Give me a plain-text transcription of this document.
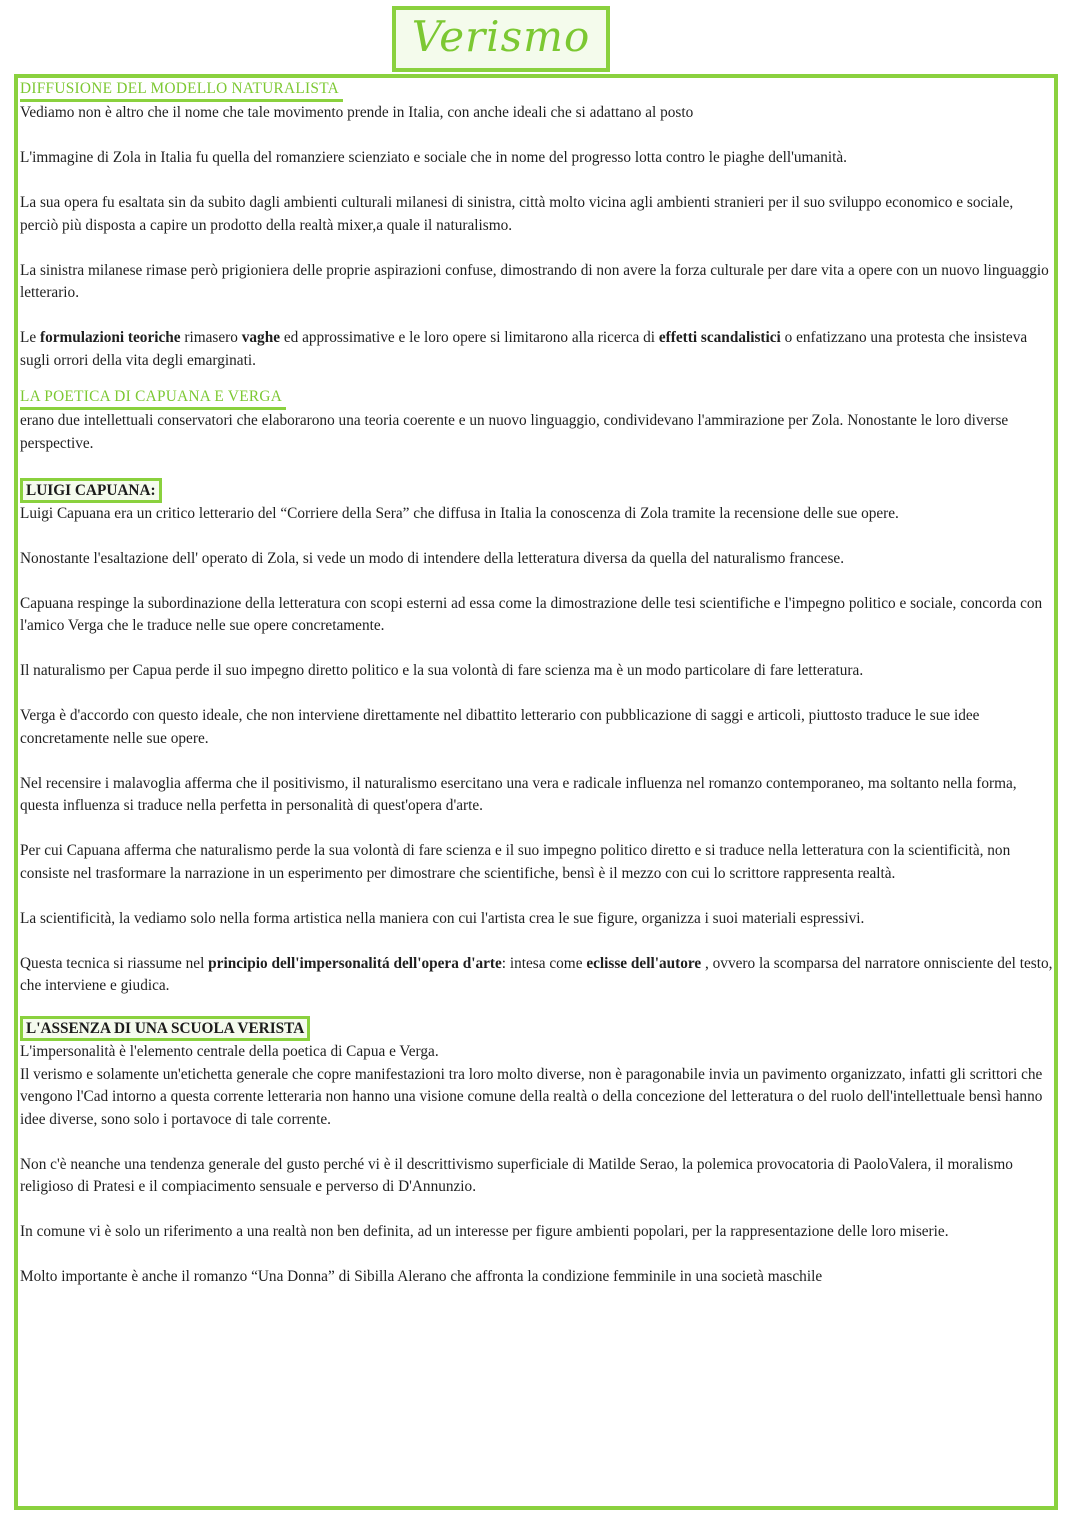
Verismo
DIFFUSIONE DEL MODELLO NATURALISTA

Vediamo non è altro che il nome che tale movimento prende in Italia, con anche ideali che si adattano al posto

L'immagine di Zola in Italia fu quella del romanziere scienziato e sociale che in nome del progresso lotta contro le piaghe dell'umanità.

La sua opera fu esaltata sin da subito dagli ambienti culturali milanesi di sinistra, città molto vicina agli ambienti stranieri per il suo sviluppo economico e sociale, perciò più disposta a capire un prodotto della realtà mixer,a quale il naturalismo.

La sinistra milanese rimase però prigioniera delle proprie aspirazioni confuse, dimostrando di non avere la forza culturale per dare vita a opere con un nuovo linguaggio letterario.

Le formulazioni teoriche rimasero vaghe ed approssimative e le loro opere si limitarono alla ricerca di effetti scandalistici o enfatizzano una protesta che insisteva sugli orrori della vita degli emarginati.

LA POETICA DI CAPUANA E VERGA

erano due intellettuali conservatori che elaborarono una teoria coerente e un nuovo linguaggio, condividevano l'ammirazione per Zola. Nonostante le loro diverse perspective.

LUIGI CAPUANA:

Luigi Capuana era un critico letterario del “Corriere della Sera” che diffusa in Italia la conoscenza di Zola tramite la recensione delle sue opere.

Nonostante l'esaltazione dell' operato di Zola, si vede un modo di intendere della letteratura diversa da quella del naturalismo francese.

Capuana respinge la subordinazione della letteratura con scopi esterni ad essa come la dimostrazione delle tesi scientifiche e l'impegno politico e sociale, concorda con l'amico Verga che le traduce nelle sue opere concretamente.

Il naturalismo per Capua perde il suo impegno diretto politico e la sua volontà di fare scienza ma è un modo particolare di fare letteratura.

Verga è d'accordo con questo ideale, che non interviene direttamente nel dibattito letterario con pubblicazione di saggi e articoli, piuttosto traduce le sue idee concretamente nelle sue opere.

Nel recensire i malavoglia afferma che il positivismo, il naturalismo esercitano una vera e radicale influenza nel romanzo contemporaneo, ma soltanto nella forma, questa influenza si traduce nella perfetta in personalità di quest'opera d'arte.

Per cui Capuana afferma che naturalismo perde la sua volontà di fare scienza e il suo impegno politico diretto e si traduce nella letteratura con la scientificità, non consiste nel trasformare la narrazione in un esperimento per dimostrare che scientifiche, bensì è il mezzo con cui lo scrittore rappresenta realtà.

La scientificità, la vediamo solo nella forma artistica nella maniera con cui l'artista crea le sue figure, organizza i suoi materiali espressivi.

Questa tecnica si riassume nel principio dell'impersonalitá dell'opera d'arte: intesa come eclisse dell'autore , ovvero la scomparsa del narratore onnisciente del testo, che interviene e giudica.

L'ASSENZA DI UNA SCUOLA VERISTA

L'impersonalità è l'elemento centrale della poetica di Capua e Verga.

Il verismo e solamente un'etichetta generale che copre manifestazioni tra loro molto diverse, non è paragonabile invia un pavimento organizzato, infatti gli scrittori che vengono l'Cad intorno a questa corrente letteraria non hanno una visione comune della realtà o della concezione del letteratura o del ruolo dell'intellettuale bensì hanno idee diverse, sono solo i portavoce di tale corrente.

Non c'è neanche una tendenza generale del gusto perché vi è il descrittivismo superficiale di Matilde Serao, la polemica provocatoria di PaoloValera, il moralismo religioso di Pratesi e il compiacimento sensuale e perverso di D'Annunzio.

In comune vi è solo un riferimento a una realtà non ben definita, ad un interesse per figure ambienti popolari, per la rappresentazione delle loro miserie.

Molto importante è anche il romanzo “Una Donna” di Sibilla Alerano che affronta la condizione femminile in una società maschile
